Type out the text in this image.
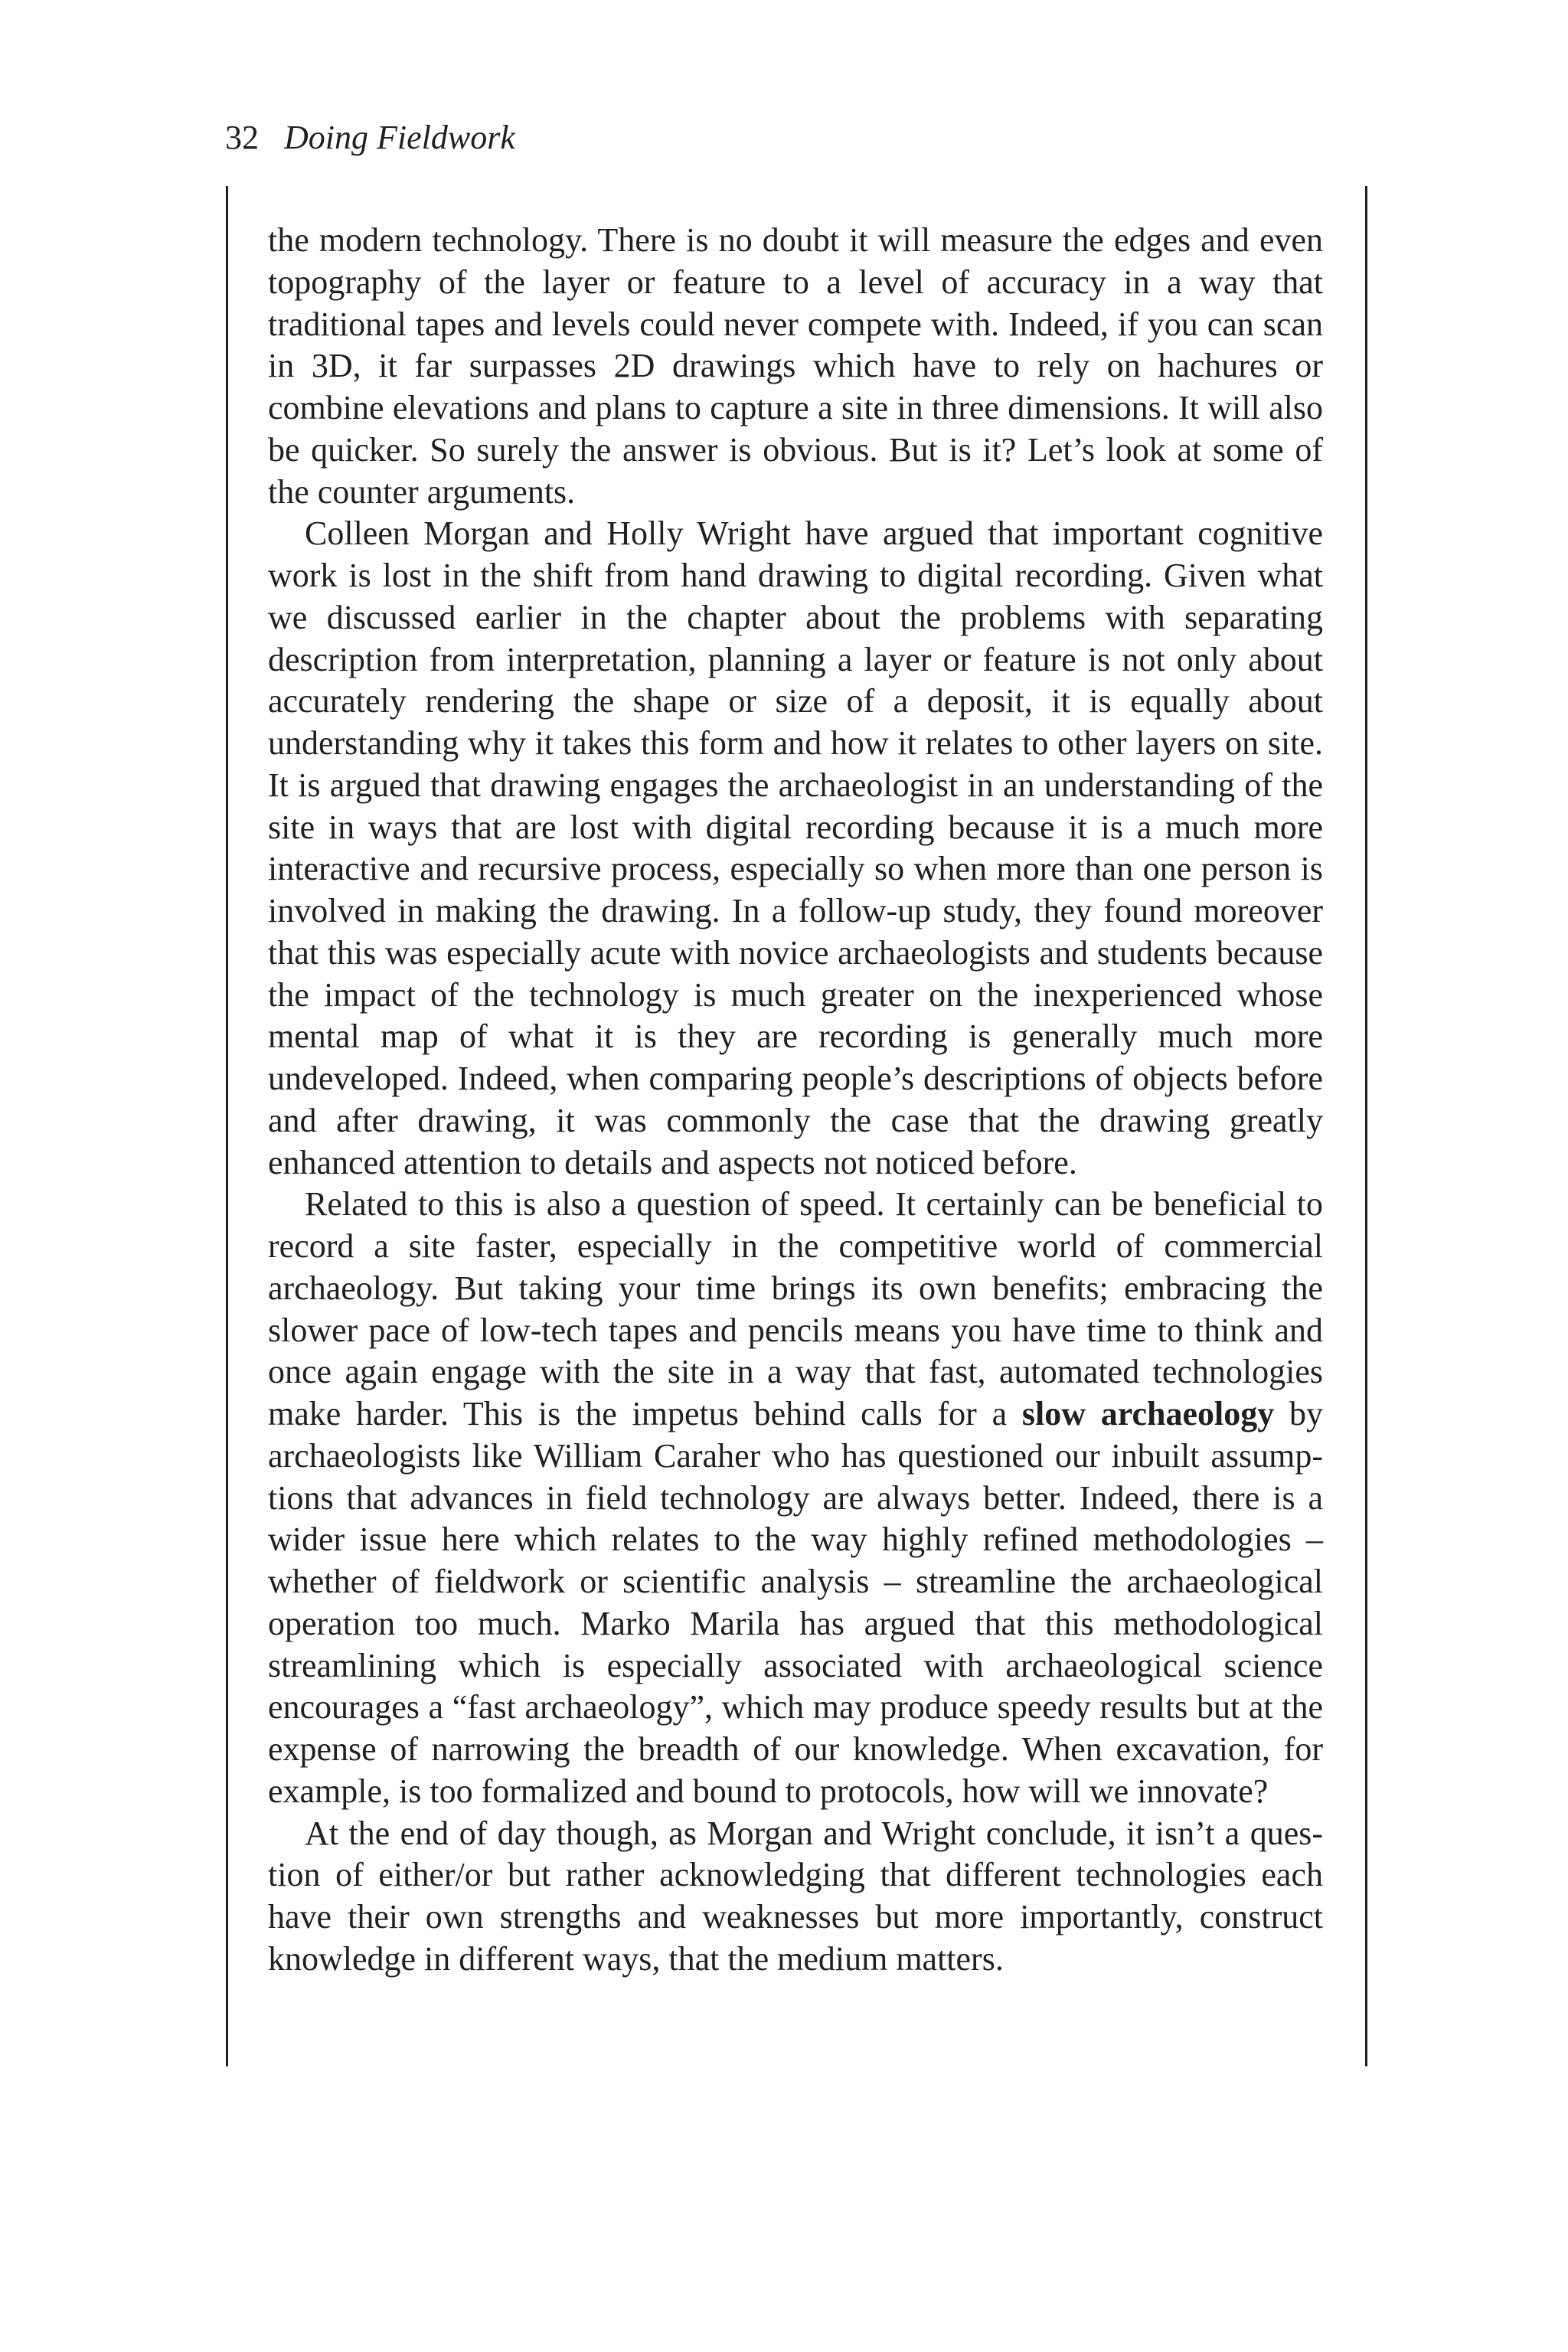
32 Doing Fieldwork

the modern technology. There is no doubt it will measure the edges and even topography of the layer or feature to a level of accuracy in a way that traditional tapes and levels could never compete with. Indeed, if you can scan in 3D, it far surpasses 2D drawings which have to rely on hachures or combine elevations and plans to capture a site in three dimensions. It will also be quicker. So surely the answer is obvious. But is it? Let’s look at some of the counter arguments.

Colleen Morgan and Holly Wright have argued that important cognitive work is lost in the shift from hand drawing to digital recording. Given what we discussed earlier in the chapter about the problems with separating description from interpretation, planning a layer or feature is not only about accurately rendering the shape or size of a deposit, it is equally about understanding why it takes this form and how it relates to other layers on site. It is argued that drawing engages the archaeologist in an understanding of the site in ways that are lost with digital recording because it is a much more interactive and recursive process, especially so when more than one person is involved in making the drawing. In a follow-up study, they found moreover that this was especially acute with novice archaeologists and students because the impact of the technology is much greater on the inexperienced whose mental map of what it is they are recording is generally much more undeveloped. Indeed, when comparing people’s descriptions of objects before and after drawing, it was commonly the case that the drawing greatly enhanced attention to details and aspects not noticed before.

Related to this is also a question of speed. It certainly can be beneficial to record a site faster, especially in the competitive world of commercial archaeology. But taking your time brings its own benefits; embracing the slower pace of low-tech tapes and pencils means you have time to think and once again engage with the site in a way that fast, automated technologies make harder. This is the impetus behind calls for a slow archaeology by archaeologists like William Caraher who has questioned our inbuilt assumptions that advances in field technology are always better. Indeed, there is a wider issue here which relates to the way highly refined methodologies – whether of fieldwork or scientific analysis – streamline the archaeological operation too much. Marko Marila has argued that this methodological streamlining which is especially associated with archaeological science encourages a “fast archaeology”, which may produce speedy results but at the expense of narrowing the breadth of our knowledge. When excavation, for example, is too formalized and bound to protocols, how will we innovate?

At the end of day though, as Morgan and Wright conclude, it isn’t a question of either/or but rather acknowledging that different technologies each have their own strengths and weaknesses but more importantly, construct knowledge in different ways, that the medium matters.
